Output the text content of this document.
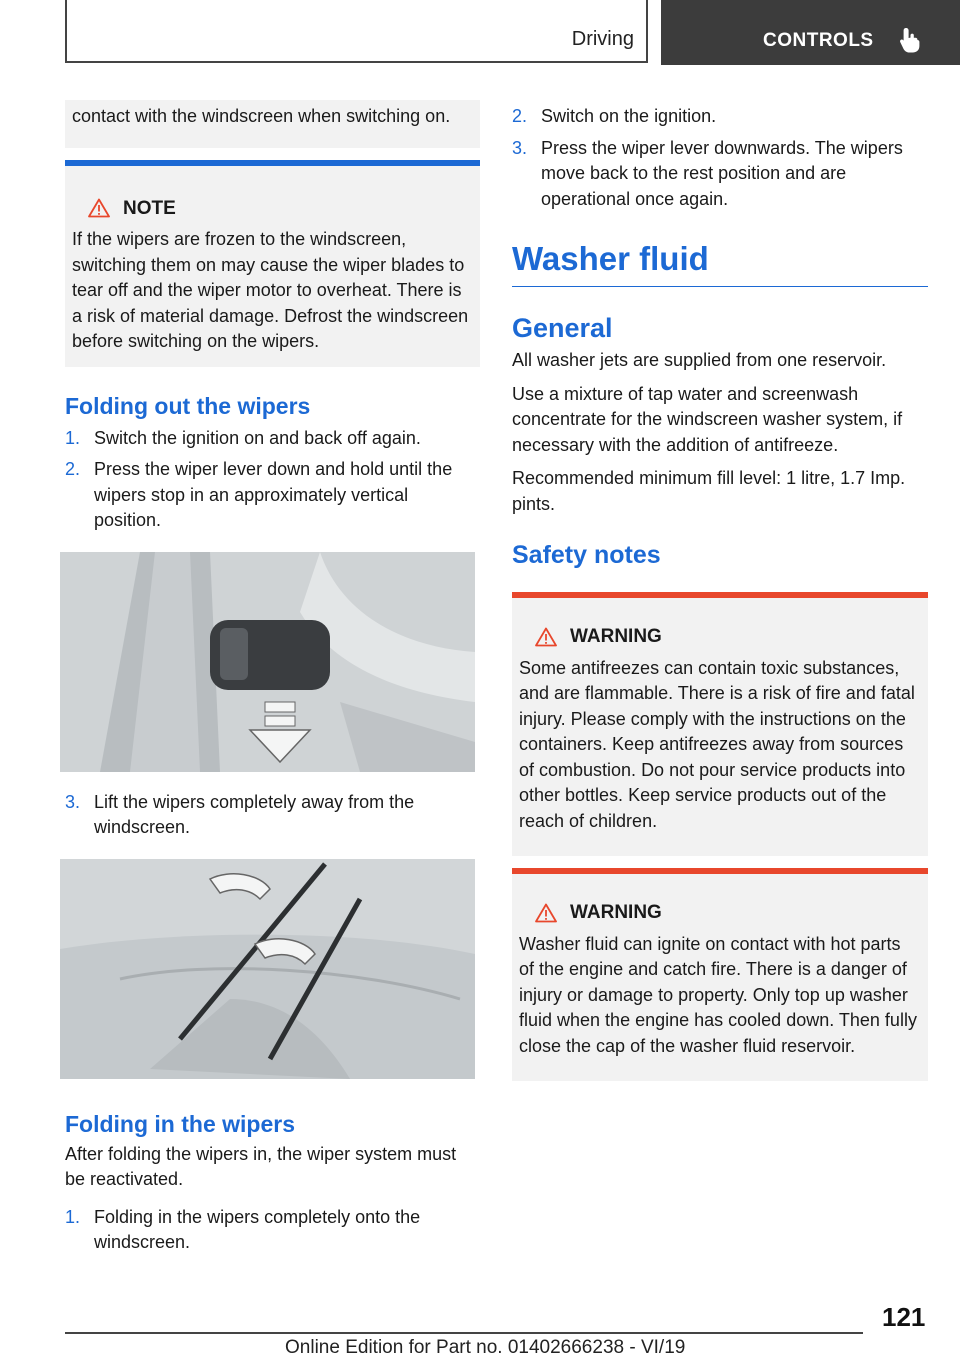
Driving	CONTROLS

contact with the windscreen when switching on.

NOTE

If the wipers are frozen to the windscreen, switching them on may cause the wiper blades to tear off and the wiper motor to overheat. There is a risk of material damage. Defrost the windscreen before switching on the wipers.

Folding out the wipers
1. Switch the ignition on and back off again.
2. Press the wiper lever down and hold until the wipers stop in an approximately vertical position.
3. Lift the wipers completely away from the windscreen.
Folding in the wipers

After folding the wipers in, the wiper system must be reactivated.

1. Folding in the wipers completely onto the windscreen.
2. Switch on the ignition.
3. Press the wiper lever downwards. The wipers move back to the rest position and are operational once again.
Washer fluid
General

All washer jets are supplied from one reservoir.

Use a mixture of tap water and screenwash concentrate for the windscreen washer system, if necessary with the addition of antifreeze.

Recommended minimum fill level: 1 litre, 1.7 Imp. pints.

Safety notes
WARNING

Some antifreezes can contain toxic substances, and are flammable. There is a risk of fire and fatal injury. Please comply with the instructions on the containers. Keep antifreezes away from sources of combustion. Do not pour service products into other bottles. Keep service products out of the reach of children.

WARNING

Washer fluid can ignite on contact with hot parts of the engine and catch fire. There is a danger of injury or damage to property. Only top up washer fluid when the engine has cooled down. Then fully close the cap of the washer fluid reservoir.

121
Online Edition for Part no. 01402666238 - VI/19
